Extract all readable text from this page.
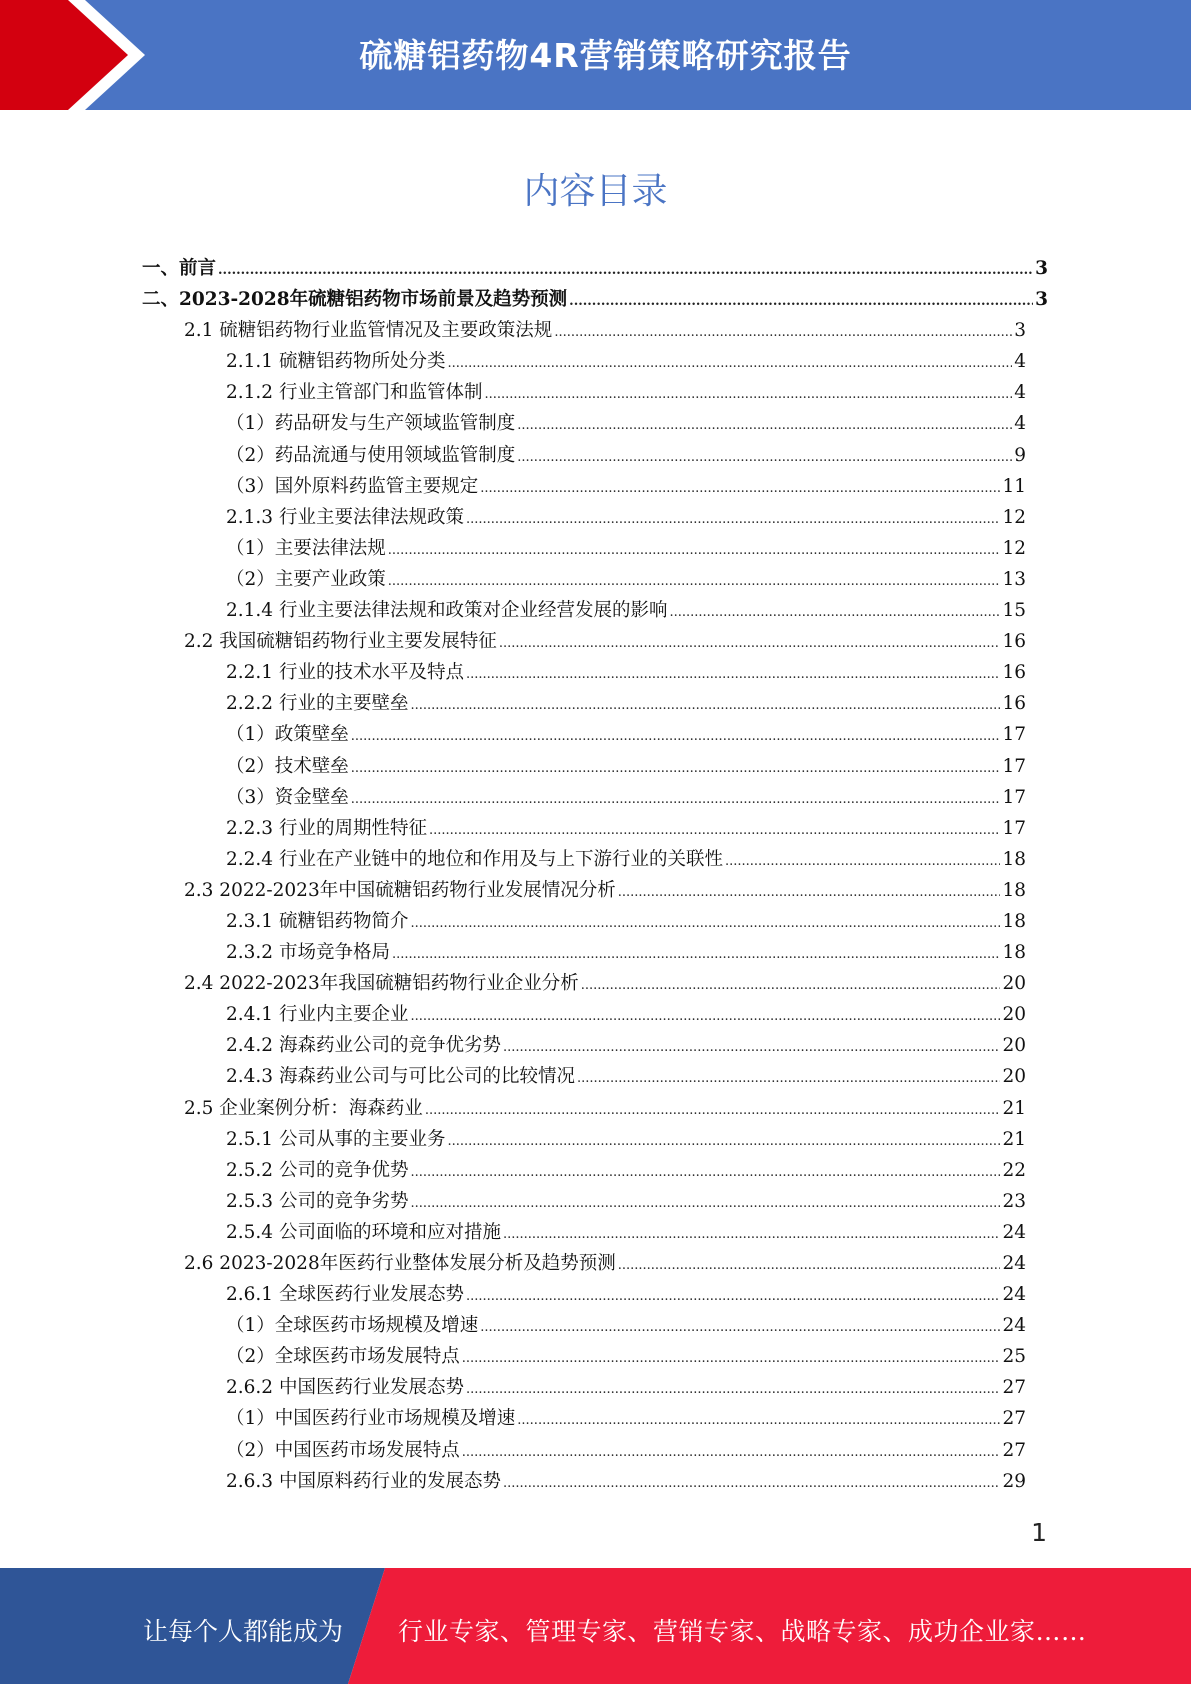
硫糖铝药物4R营销策略研究报告
内容目录
一、前言 .....	3
二、2023-2028年硫糖铝药物市场前景及趋势预测 .....	3
2.1 硫糖铝药物行业监管情况及主要政策法规 .....	3
2.1.1 硫糖铝药物所处分类 .....	4
2.1.2 行业主管部门和监管体制 .....	4
（1）药品研发与生产领域监管制度 .....	4
（2）药品流通与使用领域监管制度 .....	9
（3）国外原料药监管主要规定 .....	11
2.1.3 行业主要法律法规政策 .....	12
（1）主要法律法规 .....	12
（2）主要产业政策 .....	13
2.1.4 行业主要法律法规和政策对企业经营发展的影响 .....	15
2.2 我国硫糖铝药物行业主要发展特征 .....	16
2.2.1 行业的技术水平及特点 .....	16
2.2.2 行业的主要壁垒 .....	16
（1）政策壁垒 .....	17
（2）技术壁垒 .....	17
（3）资金壁垒 .....	17
2.2.3 行业的周期性特征 .....	17
2.2.4 行业在产业链中的地位和作用及与上下游行业的关联性 .....	18
2.3 2022-2023年中国硫糖铝药物行业发展情况分析 .....	18
2.3.1 硫糖铝药物简介 .....	18
2.3.2 市场竞争格局 .....	18
2.4 2022-2023年我国硫糖铝药物行业企业分析 .....	20
2.4.1 行业内主要企业 .....	20
2.4.2 海森药业公司的竞争优劣势 .....	20
2.4.3 海森药业公司与可比公司的比较情况 .....	20
2.5 企业案例分析：海森药业 .....	21
2.5.1 公司从事的主要业务 .....	21
2.5.2 公司的竞争优势 .....	22
2.5.3 公司的竞争劣势 .....	23
2.5.4 公司面临的环境和应对措施 .....	24
2.6 2023-2028年医药行业整体发展分析及趋势预测 .....	24
2.6.1 全球医药行业发展态势 .....	24
（1）全球医药市场规模及增速 .....	24
（2）全球医药市场发展特点 .....	25
2.6.2 中国医药行业发展态势 .....	27
（1）中国医药行业市场规模及增速 .....	27
（2）中国医药市场发展特点 .....	27
2.6.3 中国原料药行业的发展态势 .....	29
1
让每个人都能成为 行业专家、管理专家、营销专家、战略专家、成功企业家……
